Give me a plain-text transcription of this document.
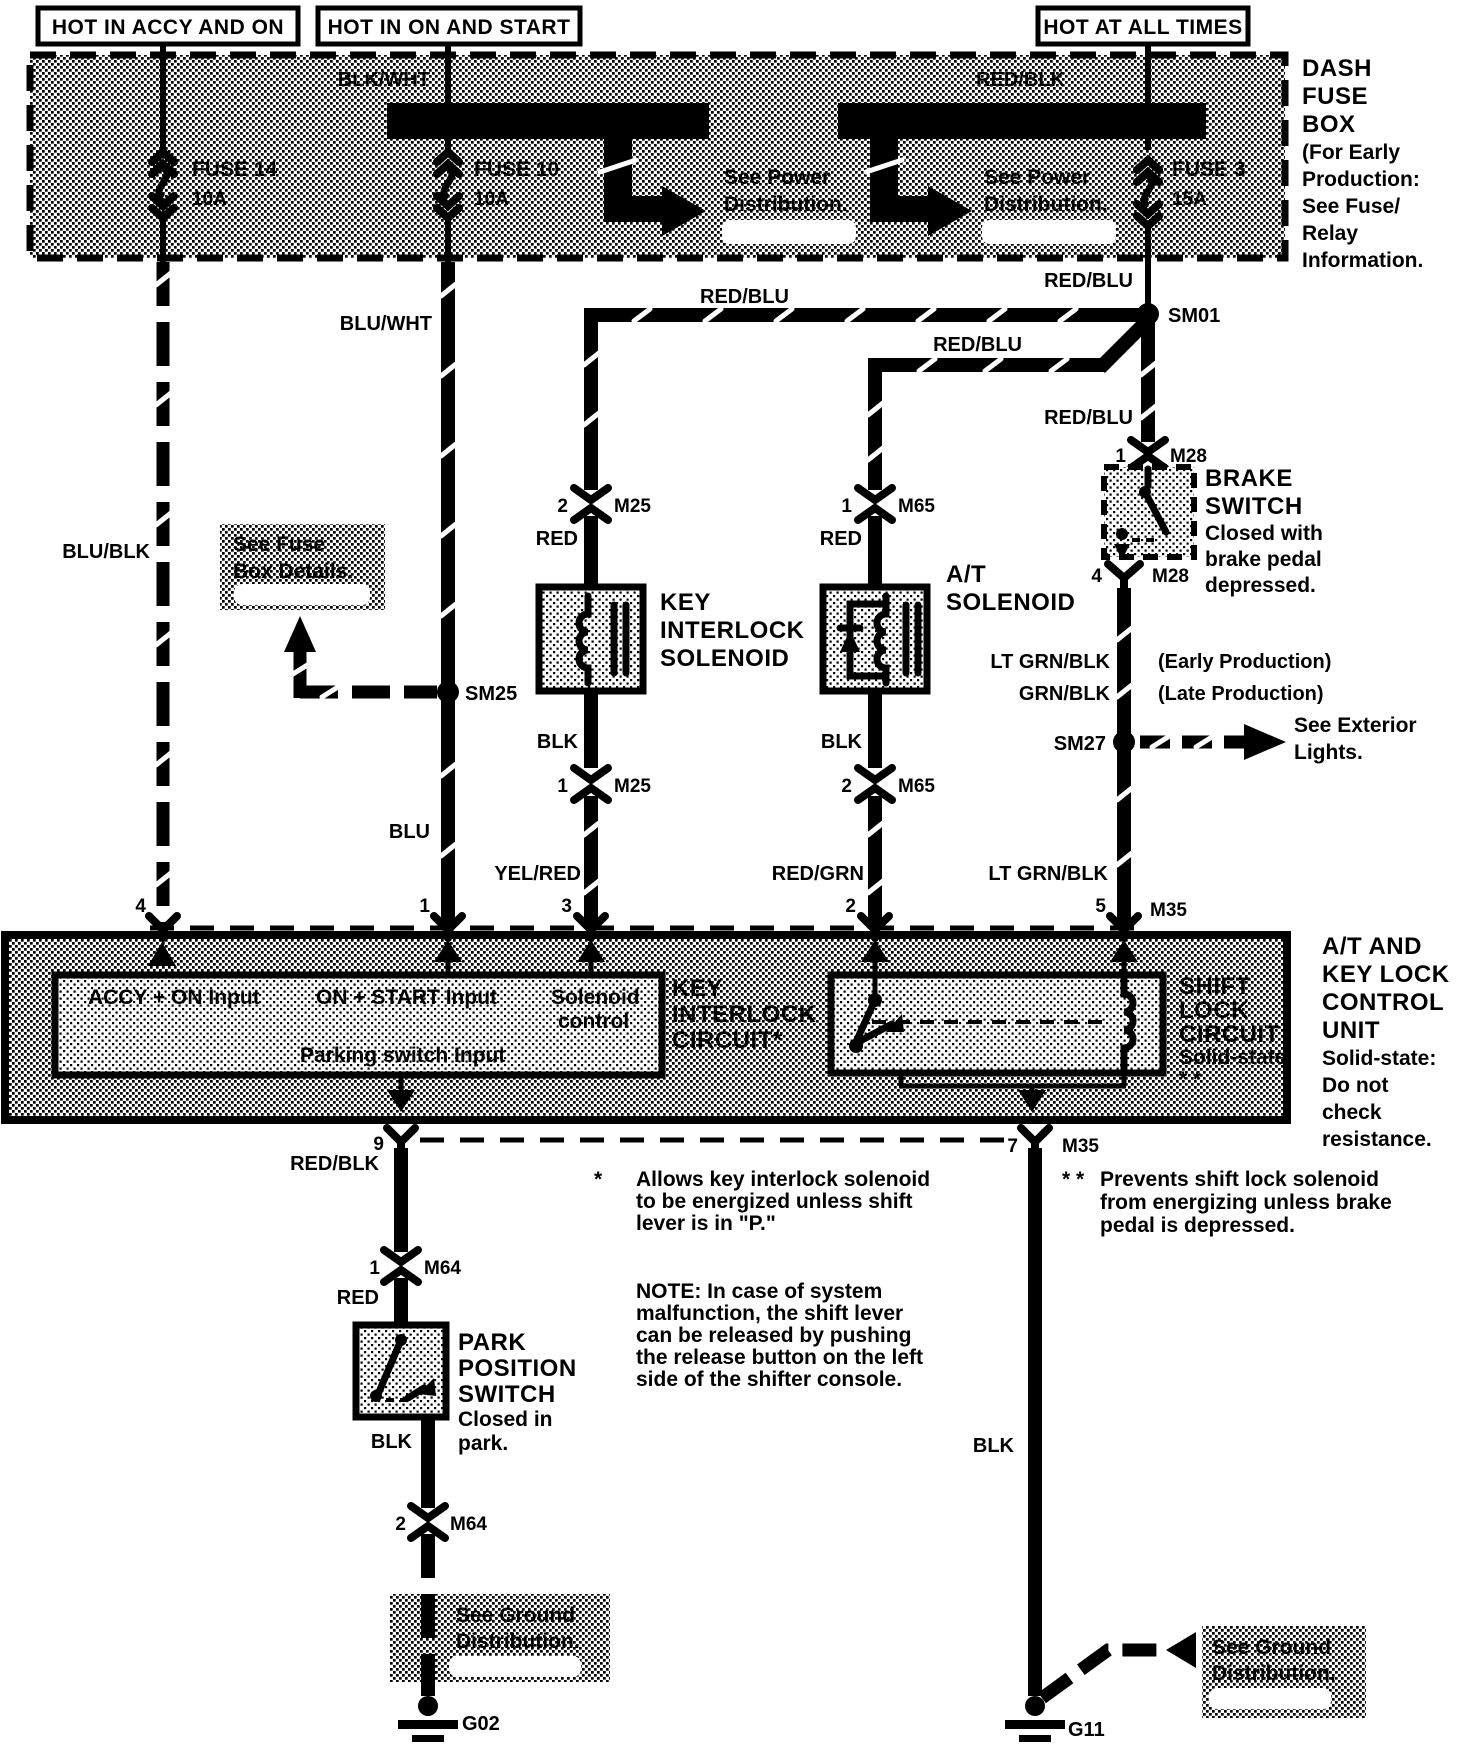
HOT IN ACCY AND ON HOT IN ON AND START	HOT AT ALL TIMES
BLK/WHT	RED/BLK
FUSE 14
10A
FUSE 10
10A
FUSE 3
15A
See Power
Distribution.
See Power
Distribution.
DASH
FUSE
BOX
(For Early
Production:
See Fuse/
Relay
Information.
BLU/WHT
BLU/BLK
BLU
SM25
See Fuse
Box Details.
SM01
RED/BLU
RED/BLU
RED/BLU
RED/BLU
2 M25
RED
KEY
INTERLOCK
SOLENOID
BLK
1 M25
YEL/RED
1 M65
RED
A/T
SOLENOID
BLK
2 M65
RED/GRN
1 M28
BRAKE
SWITCH
Closed with
brake pedal
depressed.
4	M28
LT GRN/BLK (Early Production)
GRN/BLK (Late Production)
SM27
See Exterior
Lights.
LT GRN/BLK
ACCY + ON Input	ON + START Input	Solenoid
control
Parking switch Input
KEY
INTERLOCK
CIRCUIT*
SHIFT
LOCK
CIRCUIT
Solid-state
* *
A/T AND
KEY LOCK
CONTROL
UNIT
Solid-state:
Do not
check
resistance.
4	1	3	2	5 M35
9	7 M35
RED/BLK
1 M64
RED
PARK
POSITION
SWITCH
Closed in
park.
BLK
2 M64
See Ground
Distribution.
G02
* Allows key interlock solenoid
to be energized unless shift
lever is in "P."
NOTE: In case of system
malfunction, the shift lever
can be released by pushing
the release button on the left
side of the shifter console.
* * Prevents shift lock solenoid
from energizing unless brake
pedal is depressed.
BLK
G11
See Ground
Distribution.
